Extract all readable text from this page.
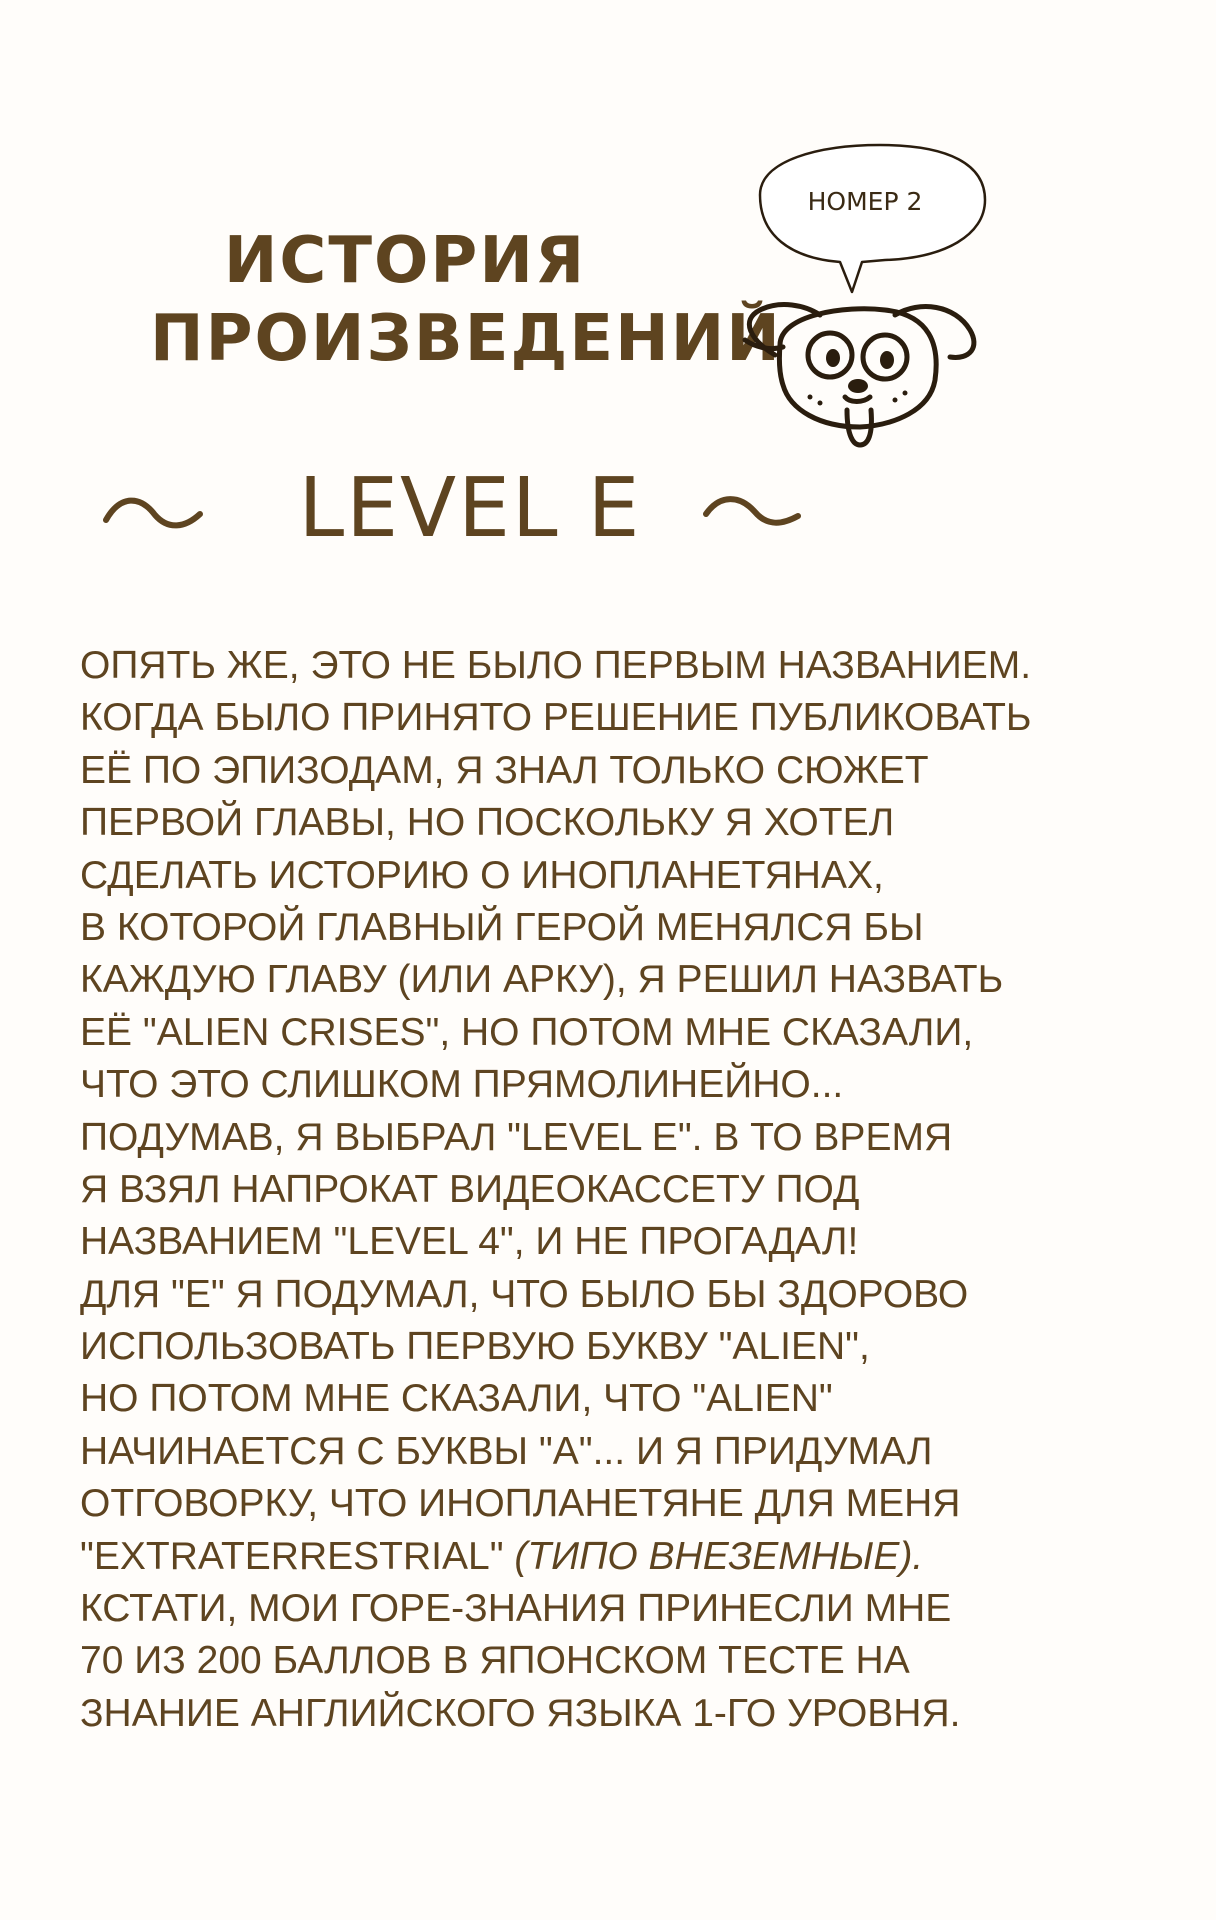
ИСТОРИЯ
ПРОИЗВЕДЕНИЙ
НОМЕР 2
LEVEL E
ОПЯТЬ ЖЕ, ЭТО НЕ БЫЛО ПЕРВЫМ НАЗВАНИЕМ.
КОГДА БЫЛО ПРИНЯТО РЕШЕНИЕ ПУБЛИКОВАТЬ
ЕЁ ПО ЭПИЗОДАМ, Я ЗНАЛ ТОЛЬКО СЮЖЕТ
ПЕРВОЙ ГЛАВЫ, НО ПОСКОЛЬКУ Я ХОТЕЛ
СДЕЛАТЬ ИСТОРИЮ О ИНОПЛАНЕТЯНАХ,
В КОТОРОЙ ГЛАВНЫЙ ГЕРОЙ МЕНЯЛСЯ БЫ
КАЖДУЮ ГЛАВУ (ИЛИ АРКУ), Я РЕШИЛ НАЗВАТЬ
ЕЁ "ALIEN CRISES", НО ПОТОМ МНЕ СКАЗАЛИ,
ЧТО ЭТО СЛИШКОМ ПРЯМОЛИНЕЙНО...
ПОДУМАВ, Я ВЫБРАЛ "LEVEL E". В ТО ВРЕМЯ
Я ВЗЯЛ НАПРОКАТ ВИДЕОКАССЕТУ ПОД
НАЗВАНИЕМ "LEVEL 4", И НЕ ПРОГАДАЛ!
ДЛЯ "E" Я ПОДУМАЛ, ЧТО БЫЛО БЫ ЗДОРОВО
ИСПОЛЬЗОВАТЬ ПЕРВУЮ БУКВУ "ALIEN",
НО ПОТОМ МНЕ СКАЗАЛИ, ЧТО "ALIEN"
НАЧИНАЕТСЯ С БУКВЫ "A"... И Я ПРИДУМАЛ
ОТГОВОРКУ, ЧТО ИНОПЛАНЕТЯНЕ ДЛЯ МЕНЯ
"EXTRATERRESTRIAL" (ТИПО ВНЕЗЕМНЫЕ).
КСТАТИ, МОИ ГОРЕ-ЗНАНИЯ ПРИНЕСЛИ МНЕ
70 ИЗ 200 БАЛЛОВ В ЯПОНСКОМ ТЕСТЕ НА
ЗНАНИЕ АНГЛИЙСКОГО ЯЗЫКА 1-ГО УРОВНЯ.
